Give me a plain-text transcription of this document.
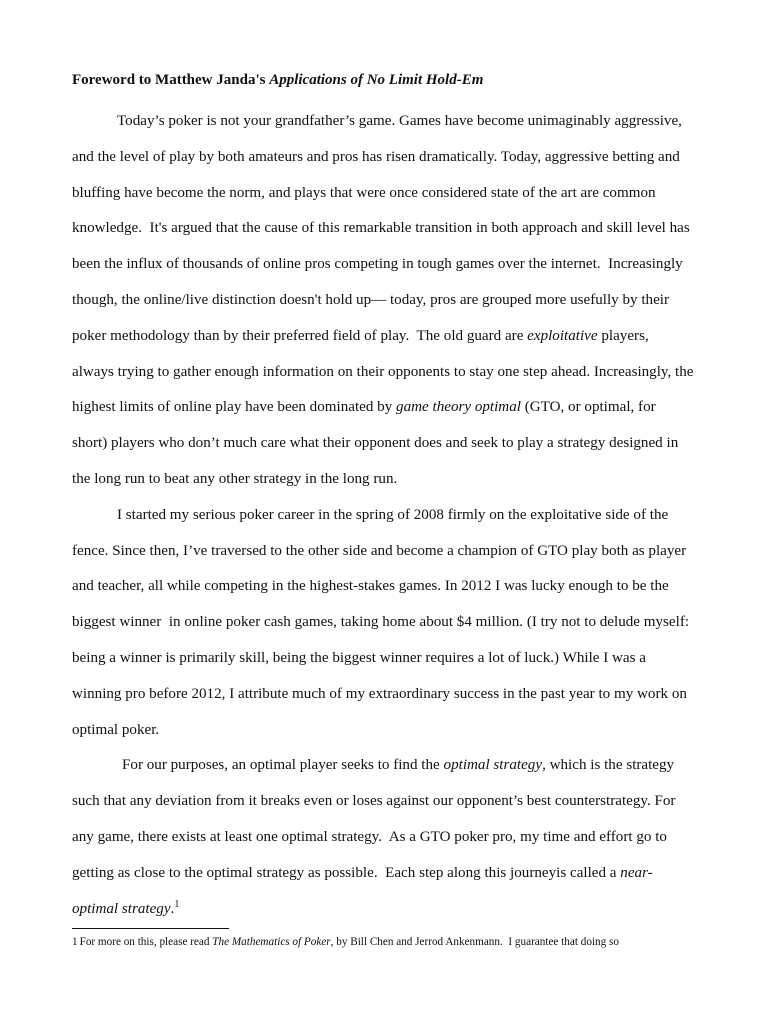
Foreword to Matthew Janda's Applications of No Limit Hold-Em

Today’s poker is not your grandfather’s game. Games have become unimaginably aggressive, and the level of play by both amateurs and pros has risen dramatically. Today, aggressive betting and bluffing have become the norm, and plays that were once considered state of the art are common knowledge.  It's argued that the cause of this remarkable transition in both approach and skill level has been the influx of thousands of online pros competing in tough games over the internet.  Increasingly though, the online/live distinction doesn't hold up— today, pros are grouped more usefully by their poker methodology than by their preferred field of play.  The old guard are exploitative players, always trying to gather enough information on their opponents to stay one step ahead. Increasingly, the highest limits of online play have been dominated by game theory optimal (GTO, or optimal, for short) players who don’t much care what their opponent does and seek to play a strategy designed in the long run to beat any other strategy in the long run.

I started my serious poker career in the spring of 2008 firmly on the exploitative side of the fence. Since then, I’ve traversed to the other side and become a champion of GTO play both as player and teacher, all while competing in the highest-stakes games. In 2012 I was lucky enough to be the biggest winner  in online poker cash games, taking home about $4 million. (I try not to delude myself: being a winner is primarily skill, being the biggest winner requires a lot of luck.) While I was a winning pro before 2012, I attribute much of my extraordinary success in the past year to my work on optimal poker.

For our purposes, an optimal player seeks to find the optimal strategy, which is the strategy such that any deviation from it breaks even or loses against our opponent’s best counterstrategy. For any game, there exists at least one optimal strategy.  As a GTO poker pro, my time and effort go to getting as close to the optimal strategy as possible.  Each step along this journeyis called a near-optimal strategy.$^1$

1 For more on this, please read The Mathematics of Poker, by Bill Chen and Jerrod Ankenmann.  I guarantee that doing so
